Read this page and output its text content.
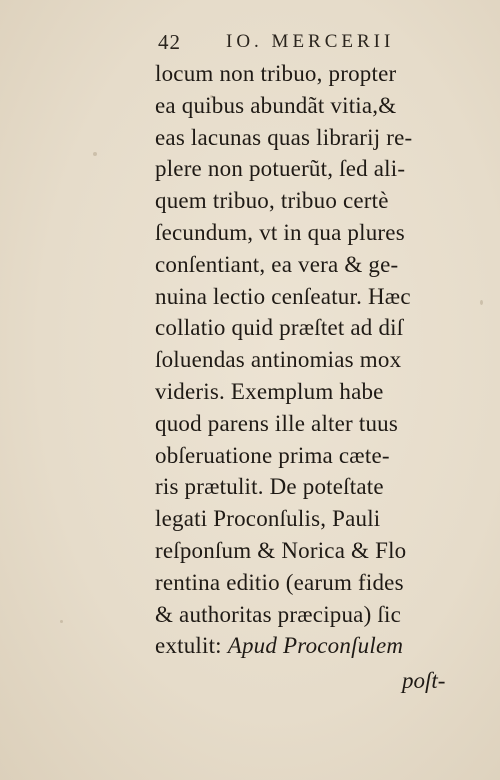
42 IO. MERCERII
locum non tribuo, propter
ea quibus abundãt vitia,&
eas lacunas quas librarij re-
plere non potuerũt, ſed ali-
quem tribuo, tribuo certè
ſecundum, vt in qua plures
conſentiant, ea vera & ge-
nuina lectio cenſeatur. Hæc
collatio quid præſtet ad diſ
ſoluendas antinomias mox
videris. Exemplum habe
quod parens ille alter tuus
obſeruatione prima cæte-
ris prætulit. De poteſtate
legati Proconſulis, Pauli
reſponſum & Norica & Flo
rentina editio (earum fides
& authoritas præcipua) ſic
extulit: Apud Proconſulem
poſt-
